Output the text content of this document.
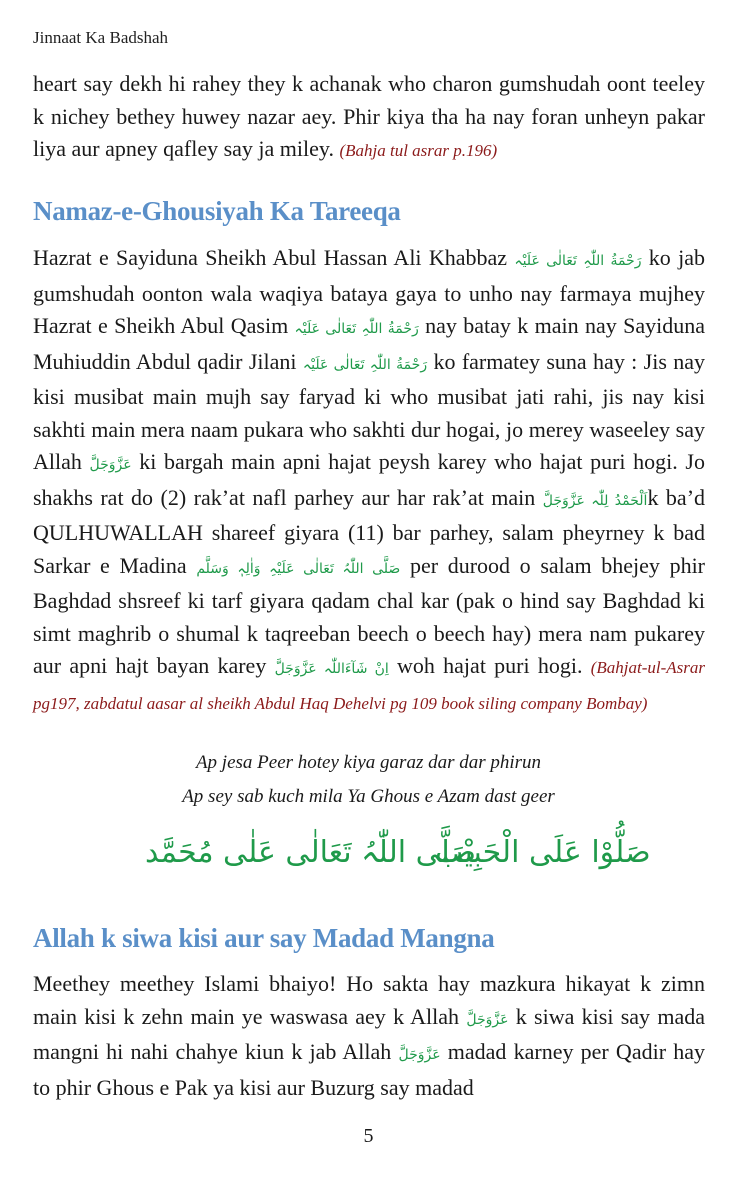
Jinnaat Ka Badshah

heart say dekh hi rahey they k achanak who charon gumshudah oont teeley k nichey bethey huwey nazar aey. Phir kiya tha ha nay foran unheyn pakar liya aur apney qafley say ja miley. (Bahja tul asrar p.196)

Namaz-e-Ghousiyah Ka Tareeqa

Hazrat e Sayiduna Sheikh Abul Hassan Ali Khabbaz رَحْمَةُ اللّٰہِ تَعَالٰی عَلَیْہ ko jab gumshudah oonton wala waqiya bataya gaya to unho nay farmaya mujhey Hazrat e Sheikh Abul Qasim رَحْمَةُ اللّٰہِ تَعَالٰی عَلَیْہ nay batay k main nay Sayiduna Muhiuddin Abdul qadir Jilani رَحْمَةُ اللّٰہِ تَعَالٰی عَلَیْہ ko farmatey suna hay : Jis nay kisi musibat main mujh say faryad ki who musibat jati rahi, jis nay kisi sakhti main mera naam pukara who sakhti dur hogai, jo merey waseeley say Allah عَزَّوَجَلَّ ki bargah main apni hajat peysh karey who hajat puri hogi. Jo shakhs rat do (2) rak’at nafl parhey aur har rak’at main اَلْحَمْدُ لِلّٰہ عَزَّوَجَلَّk ba’d QULHUWALLAH shareef giyara (11) bar parhey, salam pheyrney k bad Sarkar e Madina صَلَّی اللّٰہُ تَعَالٰی عَلَیْہِ وَاٰلِہٖ وَسَلَّم per durood o salam bhejey phir Baghdad shsreef ki tarf giyara qadam chal kar (pak o hind say Baghdad ki simt maghrib o shumal k taqreeban beech o beech hay) mera nam pukarey aur apni hajt bayan karey اِنْ شَآءَاللّٰہ عَزَّوَجَلَّ woh hajat puri hogi. (Bahjat-ul-Asrar pg197, zabdatul aasar al sheikh Abdul Haq Dehelvi pg 109 book siling company Bombay)

Ap jesa Peer hotey kiya garaz dar dar phirun
Ap sey sab kuch mila Ya Ghous e Azam dast geer
صَلَّی اللّٰہُ تَعَالٰی عَلٰی مُحَمَّد
صَلُّوْا عَلَی الْحَبِیْب
Allah k siwa kisi aur say Madad Mangna

Meethey meethey Islami bhaiyo! Ho sakta hay mazkura hikayat k zimn main kisi k zehn main ye waswasa aey k Allah عَزَّوَجَلَّ k siwa kisi say mada mangni hi nahi chahye kiun k jab Allah عَزَّوَجَلَّ madad karney per Qadir hay to phir Ghous e Pak ya kisi aur Buzurg say madad

5
